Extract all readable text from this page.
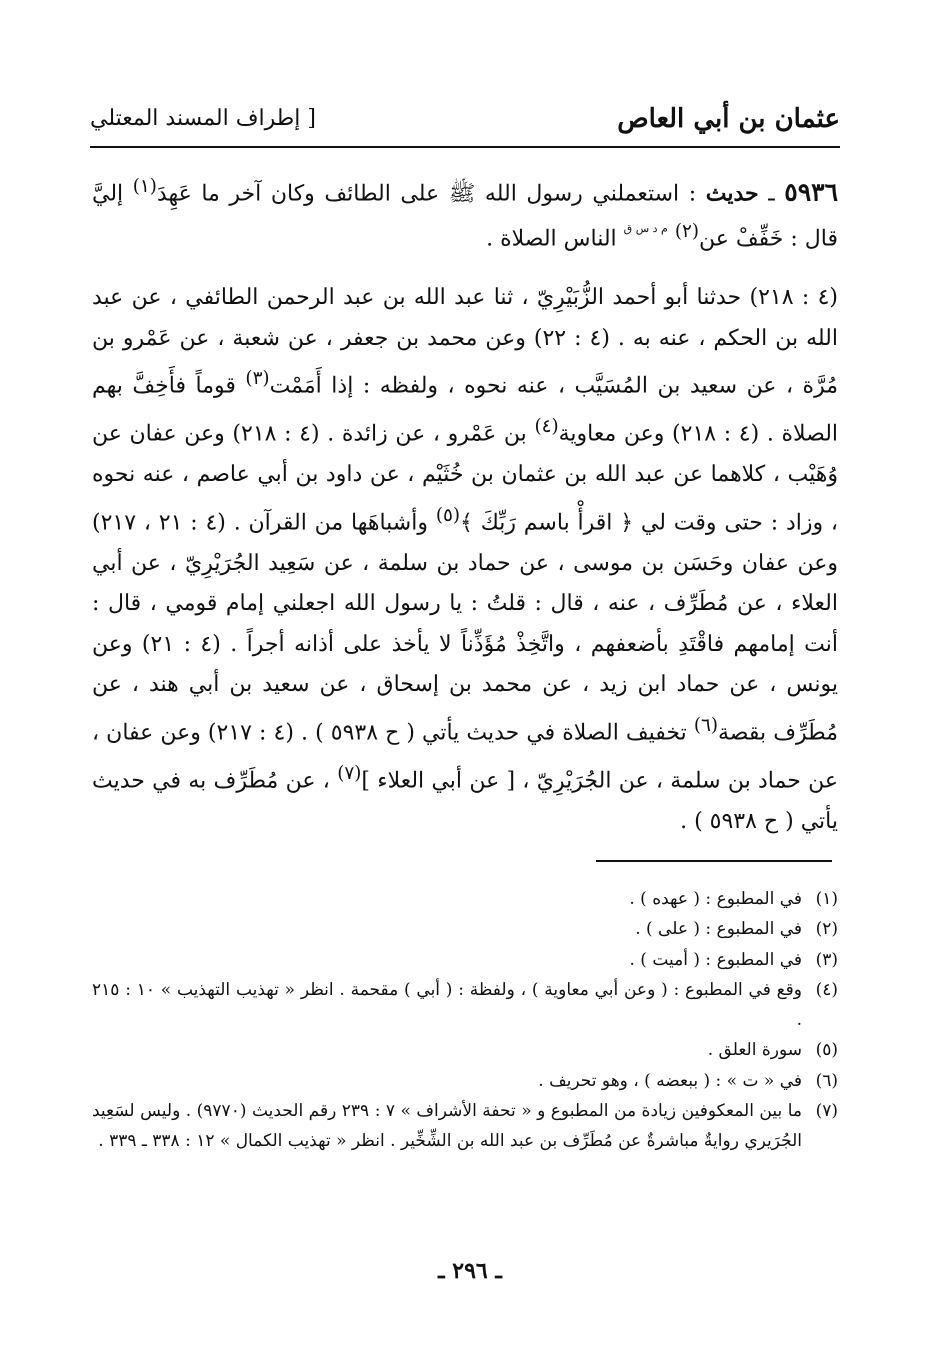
عثمان بن أبي العاص
[ إطراف المسند المعتلي
٥٩٣٦ ـ حديث : استعملني رسول الله ﷺ على الطائف وكان آخر ما عَهِدَ$^{(١)}$ إليَّ قال : خَفِّفْ عن$^{(٢)}$ $^{م د س ق}$ الناس الصلاة .

(٤ : ٢١٨) حدثنا أبو أحمد الزُّبَيْرِيّ ، ثنا عبد الله بن عبد الرحمن الطائفي ، عن عبد الله بن الحكم ، عنه به . (٤ : ٢٢) وعن محمد بن جعفر ، عن شعبة ، عن عَمْرو بن مُرَّة ، عن سعيد بن المُسَيَّب ، عنه نحوه ، ولفظه : إذا أَمَمْت$^{(٣)}$ قوماً فأَخِفَّ بهم الصلاة . (٤ : ٢١٨) وعن معاوية$^{(٤)}$ بن عَمْرو ، عن زائدة . (٤ : ٢١٨) وعن عفان عن وُهَيْب ، كلاهما عن عبد الله بن عثمان بن خُثَيْم ، عن داود بن أبي عاصم ، عنه نحوه ، وزاد : حتى وقت لي ﴿ اقرأْ باسم رَبِّكَ ﴾$^{(٥)}$ وأشباهَها من القرآن . (٤ : ٢١ ، ٢١٧) وعن عفان وحَسَن بن موسى ، عن حماد بن سلمة ، عن سَعِيد الجُرَيْرِيّ ، عن أبي العلاء ، عن مُطَرِّف ، عنه ، قال : قلتُ : يا رسول الله اجعلني إمام قومي ، قال : أنت إمامهم فاقْتَدِ بأضعفهم ، واتَّخِذْ مُؤَذِّناً لا يأخذ على أذانه أجراً . (٤ : ٢١) وعن يونس ، عن حماد ابن زيد ، عن محمد بن إسحاق ، عن سعيد بن أبي هند ، عن مُطَرِّف بقصة$^{(٦)}$ تخفيف الصلاة في حديث يأتي ( ح ٥٩٣٨ ) . (٤ : ٢١٧) وعن عفان ، عن حماد بن سلمة ، عن الجُرَيْرِيّ ، [ عن أبي العلاء ]$^{(٧)}$ ، عن مُطَرِّف به في حديث يأتي ( ح ٥٩٣٨ ) .

(١)
في المطبوع : ( عهده ) .
(٢)
في المطبوع : ( على ) .
(٣)
في المطبوع : ( أميت ) .
(٤)
وقع في المطبوع : ( وعن أبي معاوية ) ، ولفظة : ( أبي ) مقحمة . انظر « تهذيب التهذيب » ١٠ : ٢١٥ .
(٥)
سورة العلق .
(٦)
في « ت » : ( ببعضه ) ، وهو تحريف .
(٧)
ما بين المعكوفين زيادة من المطبوع و « تحفة الأشراف » ٧ : ٢٣٩ رقم الحديث (٩٧٧٠) . وليس لسَعِيد الجُرَيري روايةٌ مباشرةٌ عن مُطَرِّف بن عبد الله بن الشِّخِّير . انظر « تهذيب الكمال » ١٢ : ٣٣٨ ـ ٣٣٩ .
ـ ٢٩٦ ـ
